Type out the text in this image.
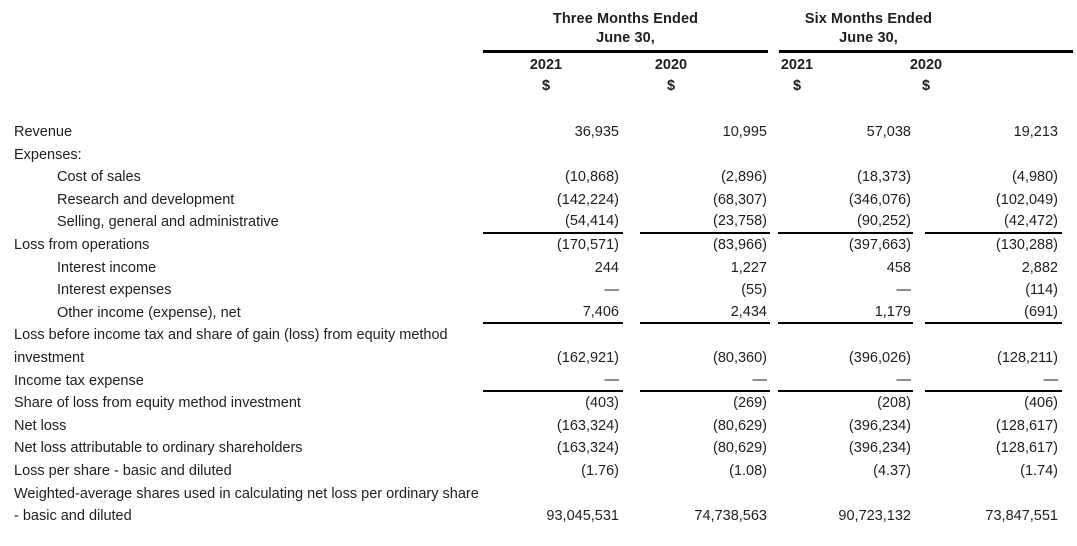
Three Months Ended
June 30,
Six Months Ended
June 30,
2021	2020	2021	2020
$	$	$	$
Revenue	36,935	10,995	57,038	19,213
Expenses:
Cost of sales	(10,868)	(2,896)	(18,373)	(4,980)
Research and development	(142,224)	(68,307)	(346,076)	(102,049)
Selling, general and administrative	(54,414)	(23,758)	(90,252)	(42,472)
Loss from operations	(170,571)	(83,966)	(397,663)	(130,288)
Interest income	244	1,227	458	2,882
Interest expenses	—	(55)	—	(114)
Other income (expense), net	7,406	2,434	1,179	(691)
Loss before income tax and share of gain (loss) from equity method investment	(162,921)	(80,360)	(396,026)	(128,211)
Income tax expense	—	—	—	—
Share of loss from equity method investment	(403)	(269)	(208)	(406)
Net loss	(163,324)	(80,629)	(396,234)	(128,617)
Net loss attributable to ordinary shareholders	(163,324)	(80,629)	(396,234)	(128,617)
Loss per share - basic and diluted	(1.76)	(1.08)	(4.37)	(1.74)
Weighted-average shares used in calculating net loss per ordinary share - basic and diluted	93,045,531	74,738,563	90,723,132	73,847,551
